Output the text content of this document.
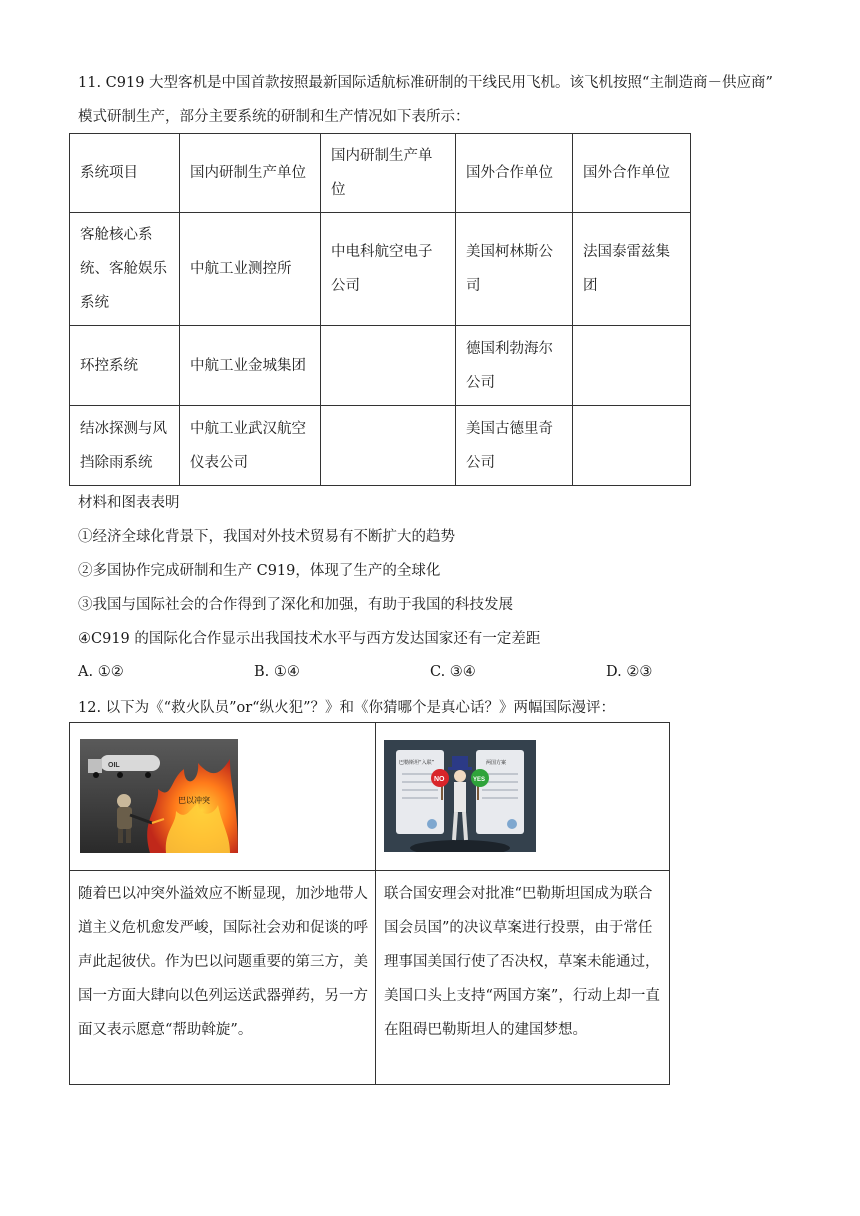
11. C919 大型客机是中国首款按照最新国际适航标准研制的干线民用飞机。该飞机按照“主制造商－供应商”
模式研制生产，部分主要系统的研制和生产情况如下表所示：
系统项目	国内研制生产单位	国内研制生产单位	国外合作单位	国外合作单位
客舱核心系统、客舱娱乐系统	中航工业测控所	中电科航空电子公司	美国柯林斯公司	法国泰雷兹集团
环控系统	中航工业金城集团		德国利勃海尔公司	
结冰探测与风挡除雨系统	中航工业武汉航空仪表公司		美国古德里奇公司	
材料和图表表明
①经济全球化背景下，我国对外技术贸易有不断扩大的趋势
②多国协作完成研制和生产 C919，体现了生产的全球化
③我国与国际社会的合作得到了深化和加强，有助于我国的科技发展
④C919 的国际化合作显示出我国技术水平与西方发达国家还有一定差距
A. ①②	B. ①④	C. ③④	D. ②③
12. 以下为《“救火队员”or“纵火犯”？》和《你猜哪个是真心话？》两幅国际漫评：

随着巴以冲突外溢效应不断显现，加沙地带人道主义危机愈发严峻，国际社会劝和促谈的呼声此起彼伏。作为巴以问题重要的第三方，美国一方面大肆向以色列运送武器弹药，另一方面又表示愿意“帮助斡旋”。	联合国安理会对批准“巴勒斯坦国成为联合国会员国”的决议草案进行投票，由于常任理事国美国行使了否决权，草案未能通过，美国口头上支持“两国方案”，行动上却一直在阻碍巴勒斯坦人的建国梦想。
OIL
巴以冲突
巴勒斯坦“入联”	两国方案
NO	YES
